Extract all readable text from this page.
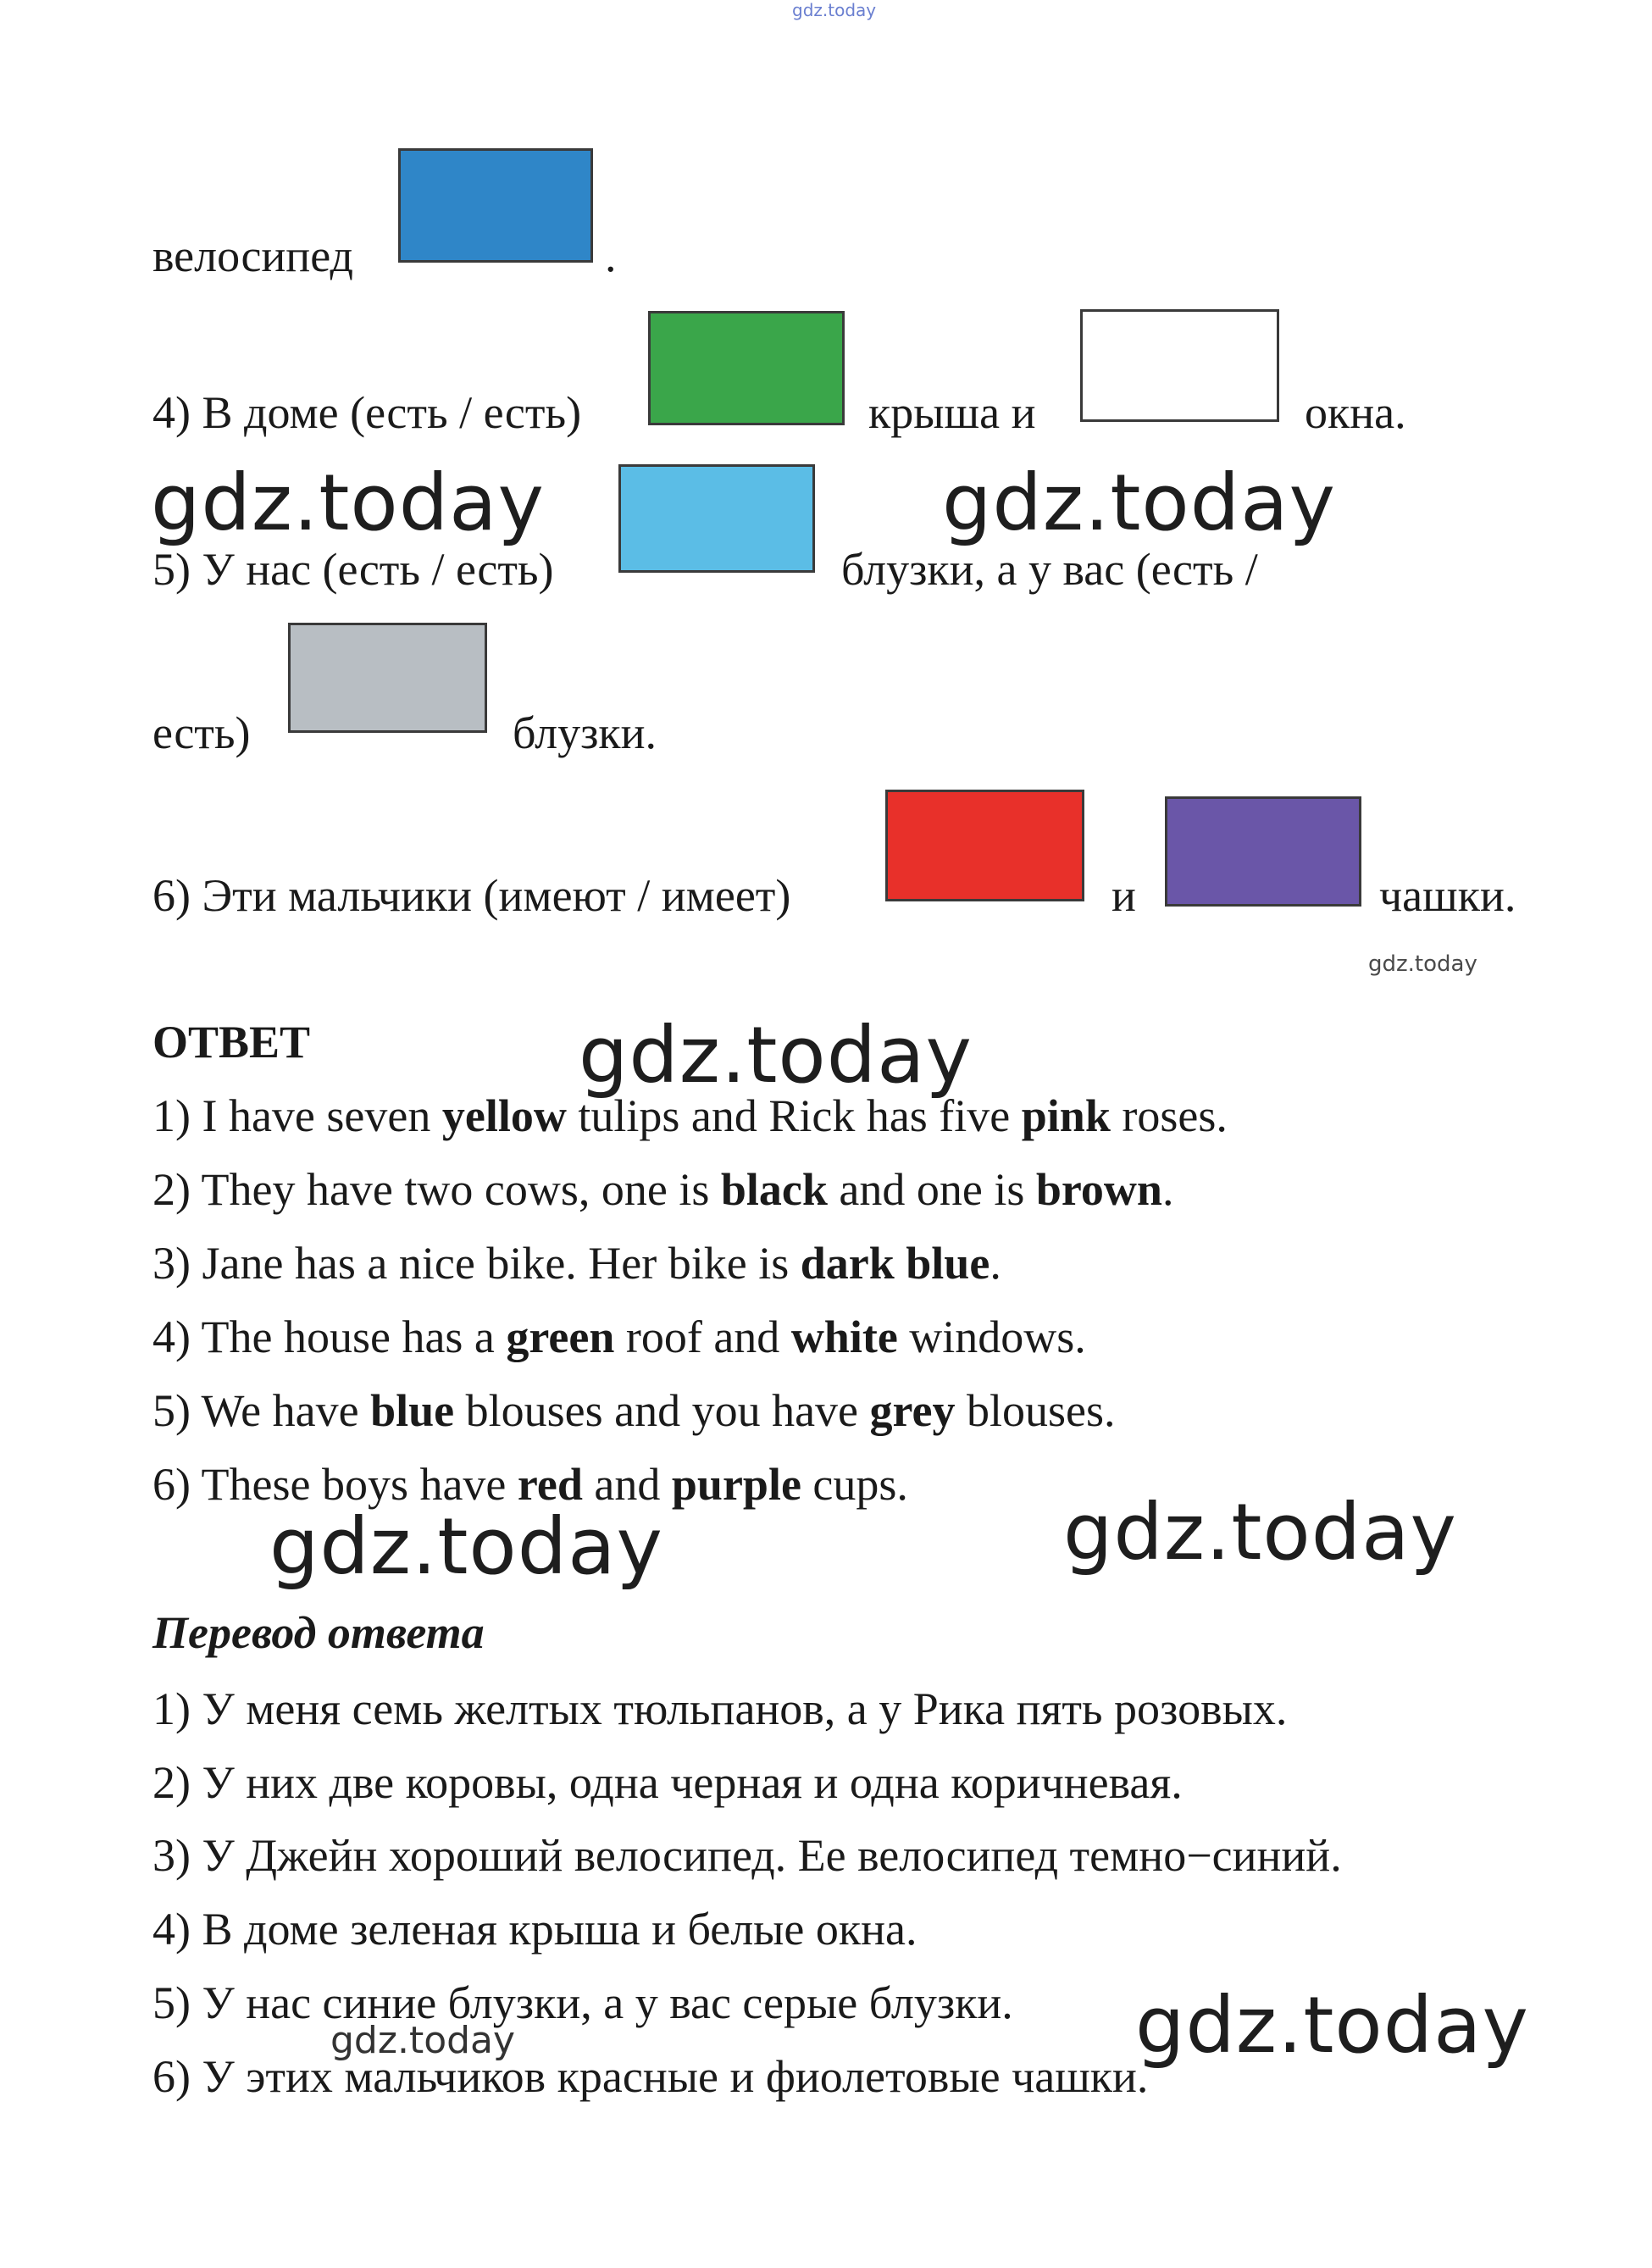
gdz.today
велосипед	.
4) В доме (есть / есть)	крыша и	окна.
gdz.today	gdz.today
5) У нас (есть / есть)	блузки, а у вас (есть /
есть)	блузки.
6) Эти мальчики (имеют / имеет)	и	чашки.
gdz.today
ОТВЕТ	gdz.today
1) I have seven yellow tulips and Rick has five pink roses.
2) They have two cows, one is black and one is brown.
3) Jane has a nice bike. Her bike is dark blue.
4) The house has a green roof and white windows.
5) We have blue blouses and you have grey blouses.
6) These boys have red and purple cups.
gdz.today	gdz.today
Перевод ответа
1) У меня семь желтых тюльпанов, а у Рика пять розовых.
2) У них две коровы, одна черная и одна коричневая.
3) У Джейн хороший велосипед. Ее велосипед темно−синий.
4) В доме зеленая крыша и белые окна.
5) У нас синие блузки, а у вас серые блузки.
6) У этих мальчиков красные и фиолетовые чашки.
gdz.today	gdz.today
